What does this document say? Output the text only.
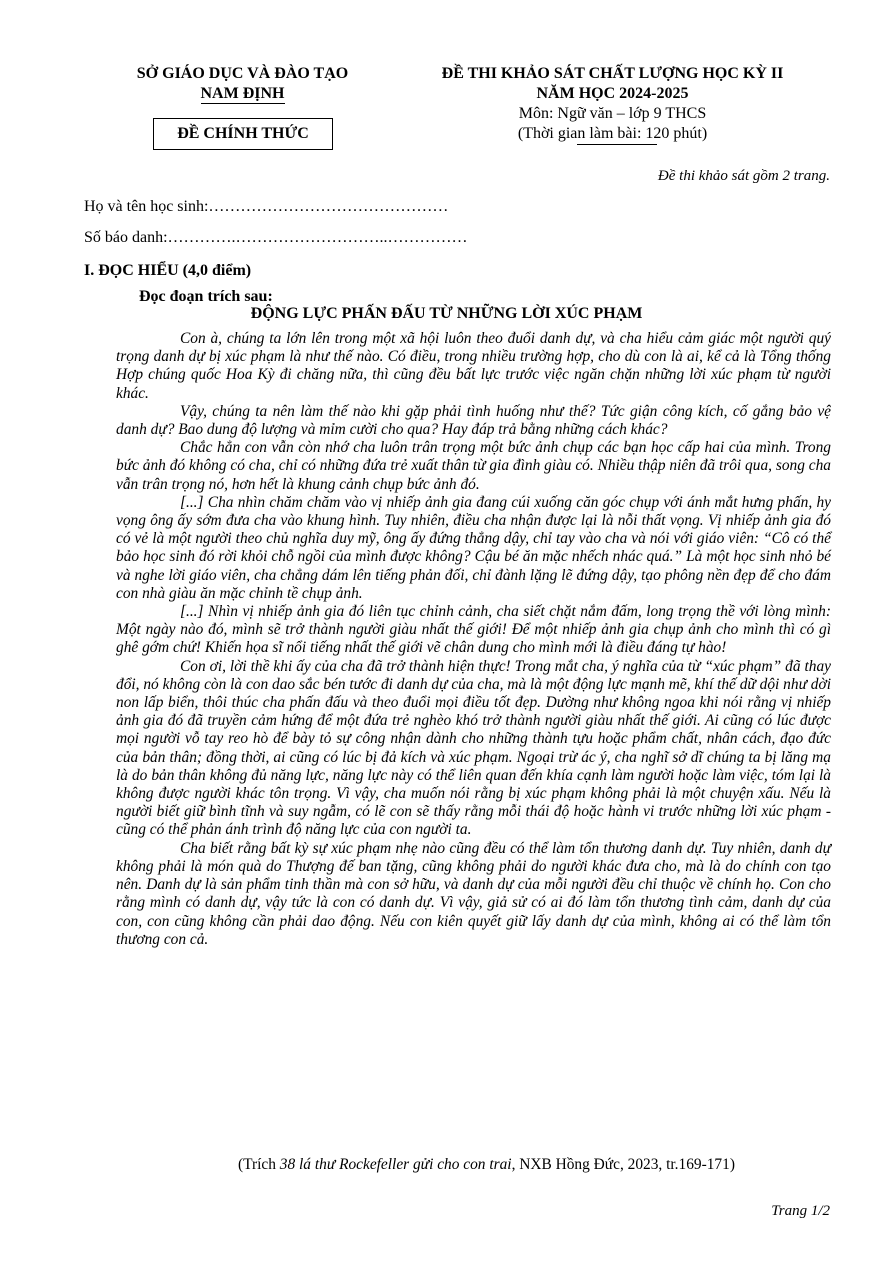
SỞ GIÁO DỤC VÀ ĐÀO TẠO
NAM ĐỊNH
ĐỀ CHÍNH THỨC
ĐỀ THI KHẢO SÁT CHẤT LƯỢNG HỌC KỲ II
NĂM HỌC 2024-2025
Môn: Ngữ văn – lớp 9 THCS
(Thời gian làm bài: 120 phút)
Đề thi khảo sát gồm 2 trang.
Họ và tên học sinh:………………………………………
Số báo danh:………….………………………..……………
I. ĐỌC HIỂU (4,0 điểm)
Đọc đoạn trích sau:
ĐỘNG LỰC PHẤN ĐẤU TỪ NHỮNG LỜI XÚC PHẠM

Con à, chúng ta lớn lên trong một xã hội luôn theo đuổi danh dự, và cha hiểu cảm giác một người quý trọng danh dự bị xúc phạm là như thế nào. Có điều, trong nhiều trường hợp, cho dù con là ai, kể cả là Tổng thống Hợp chúng quốc Hoa Kỳ đi chăng nữa, thì cũng đều bất lực trước việc ngăn chặn những lời xúc phạm từ người khác.

Vậy, chúng ta nên làm thế nào khi gặp phải tình huống như thế? Tức giận công kích, cố gắng bảo vệ danh dự? Bao dung độ lượng và mỉm cười cho qua? Hay đáp trả bằng những cách khác?

Chắc hẳn con vẫn còn nhớ cha luôn trân trọng một bức ảnh chụp các bạn học cấp hai của mình. Trong bức ảnh đó không có cha, chỉ có những đứa trẻ xuất thân từ gia đình giàu có. Nhiều thập niên đã trôi qua, song cha vẫn trân trọng nó, hơn hết là khung cảnh chụp bức ảnh đó.

[...] Cha nhìn chăm chăm vào vị nhiếp ảnh gia đang cúi xuống căn góc chụp với ánh mắt hưng phấn, hy vọng ông ấy sớm đưa cha vào khung hình. Tuy nhiên, điều cha nhận được lại là nỗi thất vọng. Vị nhiếp ảnh gia đó có vẻ là một người theo chủ nghĩa duy mỹ, ông ấy đứng thẳng dậy, chỉ tay vào cha và nói với giáo viên: “Cô có thể bảo học sinh đó rời khỏi chỗ ngồi của mình được không? Cậu bé ăn mặc nhếch nhác quá.” Là một học sinh nhỏ bé và nghe lời giáo viên, cha chẳng dám lên tiếng phản đối, chỉ đành lặng lẽ đứng dậy, tạo phông nền đẹp để cho đám con nhà giàu ăn mặc chỉnh tề chụp ảnh.

[...] Nhìn vị nhiếp ảnh gia đó liên tục chỉnh cảnh, cha siết chặt nắm đấm, long trọng thề với lòng mình: Một ngày nào đó, mình sẽ trở thành người giàu nhất thế giới! Để một nhiếp ảnh gia chụp ảnh cho mình thì có gì ghê gớm chứ! Khiến họa sĩ nổi tiếng nhất thế giới vẽ chân dung cho mình mới là điều đáng tự hào!

Con ơi, lời thề khi ấy của cha đã trở thành hiện thực! Trong mắt cha, ý nghĩa của từ “xúc phạm” đã thay đổi, nó không còn là con dao sắc bén tước đi danh dự của cha, mà là một động lực mạnh mẽ, khí thế dữ dội như dời non lấp biển, thôi thúc cha phấn đấu và theo đuổi mọi điều tốt đẹp. Dường như không ngoa khi nói rằng vị nhiếp ảnh gia đó đã truyền cảm hứng để một đứa trẻ nghèo khó trở thành người giàu nhất thế giới. Ai cũng có lúc được mọi người vỗ tay reo hò để bày tỏ sự công nhận dành cho những thành tựu hoặc phẩm chất, nhân cách, đạo đức của bản thân; đồng thời, ai cũng có lúc bị đả kích và xúc phạm. Ngoại trừ ác ý, cha nghĩ sở dĩ chúng ta bị lăng mạ là do bản thân không đủ năng lực, năng lực này có thể liên quan đến khía cạnh làm người hoặc làm việc, tóm lại là không được người khác tôn trọng. Vì vậy, cha muốn nói rằng bị xúc phạm không phải là một chuyện xấu. Nếu là người biết giữ bình tĩnh và suy ngẫm, có lẽ con sẽ thấy rằng mỗi thái độ hoặc hành vi trước những lời xúc phạm - cũng có thể phản ánh trình độ năng lực của con người ta.

Cha biết rằng bất kỳ sự xúc phạm nhẹ nào cũng đều có thể làm tổn thương danh dự. Tuy nhiên, danh dự không phải là món quà do Thượng đế ban tặng, cũng không phải do người khác đưa cho, mà là do chính con tạo nên. Danh dự là sản phẩm tinh thần mà con sở hữu, và danh dự của mỗi người đều chỉ thuộc về chính họ. Con cho rằng mình có danh dự, vậy tức là con có danh dự. Vì vậy, giả sử có ai đó làm tổn thương tình cảm, danh dự của con, con cũng không cần phải dao động. Nếu con kiên quyết giữ lấy danh dự của mình, không ai có thể làm tổn thương con cả.

(Trích 38 lá thư Rockefeller gửi cho con trai, NXB Hồng Đức, 2023, tr.169-171)
Trang 1/2
